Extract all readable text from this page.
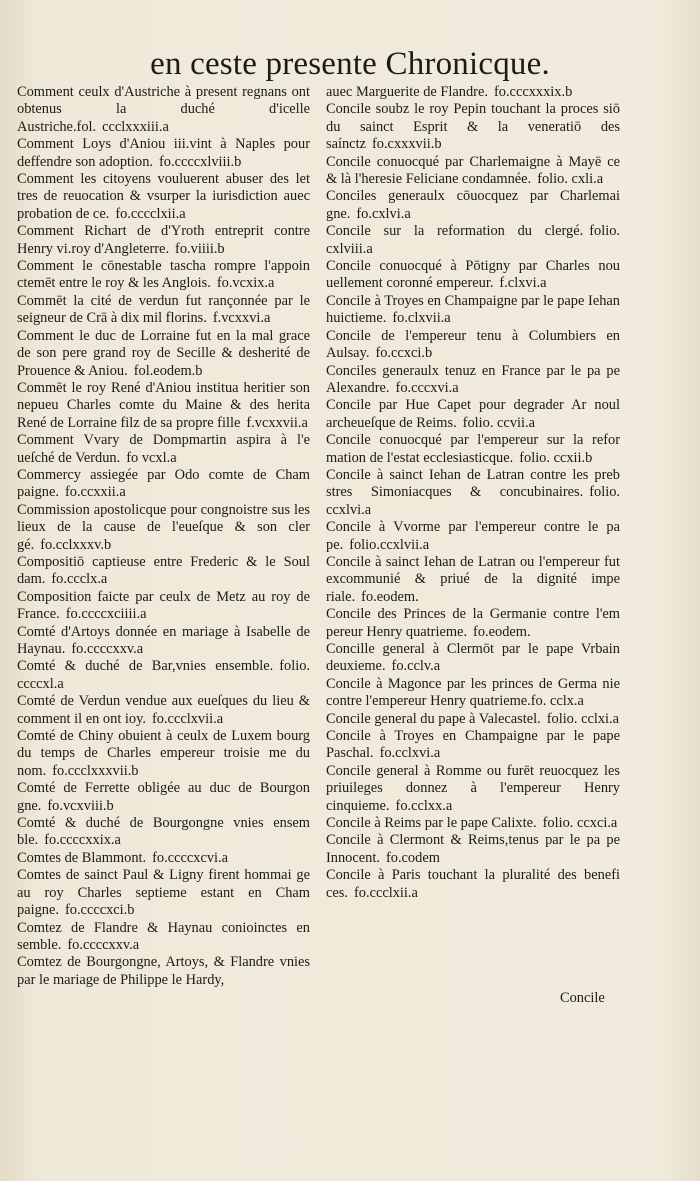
en ceste presente Chronicque.

Comment ceulx d'Austriche à present regnans ont obtenus la duché d'icelle Austriche.fol. ccclxxxiii.a

Comment Loys d'Aniou iii.vint à Naples pour deffendre son adoption. fo.ccccxlviii.b

Comment les citoyens vouluerent abuser des let tres de reuocation & vsurper la iurisdiction auec probation de ce. fo.cccclxii.a

Comment Richart de d'Yroth entreprit contre Henry vi.roy d'Angleterre. fo.viiii.b

Comment le cōnestable tascha rompre l'appoin ctemēt entre le roy & les Anglois. fo.vcxix.a

Commēt la cité de verdun fut rançonnée par le seigneur de Crā à dix mil florins. f.vcxxvi.a

Comment le duc de Lorraine fut en la mal grace de son pere grand roy de Secille & desherité de Prouence & Aniou. fol.eodem.b

Commēt le roy René d'Aniou institua heritier son nepueu Charles comte du Maine & des herita René de Lorraine filz de sa propre fille f.vcxxvii.a

Comment Vvary de Dompmartin aspira à l'e ueſché de Verdun. fo vcxl.a

Commercy assiegée par Odo comte de Cham paigne. fo.ccxxii.a

Commission apostolicque pour congnoistre sus les lieux de la cause de l'eueſque & son cler gé. fo.cclxxxv.b

Compositiō captieuse entre Frederic & le Soul dam. fo.ccclx.a

Composition faicte par ceulx de Metz au roy de France. fo.ccccxciiii.a

Comté d'Artoys donnée en mariage à Isabelle de Haynau. fo.ccccxxv.a

Comté & duché de Bar,vnies ensemble. folio. ccccxl.a

Comté de Verdun vendue aux eueſques du lieu & comment il en ont ioy. fo.ccclxvii.a

Comté de Chiny obuient à ceulx de Luxem bourg du temps de Charles empereur troisie me du nom. fo.ccclxxxvii.b

Comté de Ferrette obligée au duc de Bourgon gne. fo.vcxviii.b

Comté & duché de Bourgongne vnies ensem ble. fo.ccccxxix.a

Comtes de Blammont. fo.ccccxcvi.a

Comtes de sainct Paul & Ligny firent hommai ge au roy Charles septieme estant en Cham paigne. fo.ccccxci.b

Comtez de Flandre & Haynau conioinctes en semble. fo.ccccxxv.a

Comtez de Bourgongne, Artoys, & Flandre vnies par le mariage de Philippe le Hardy,

auec Marguerite de Flandre. fo.cccxxxix.b

Concile soubz le roy Pepin touchant la proces siō du sainct Esprit & la veneratiō des saínctz fo.cxxxvii.b

Concile conuocqué par Charlemaigne à Mayē ce & là l'heresie Feliciane condamnée. folio. cxli.a

Conciles generaulx cōuocquez par Charlemai gne. fo.cxlvi.a

Concile sur la reformation du clergé. folio. cxlviii.a

Concile conuocqué à Pōtigny par Charles nou uellement coronné empereur. f.clxvi.a

Concile à Troyes en Champaigne par le pape Iehan huictieme. fo.clxvii.a

Concile de l'empereur tenu à Columbiers en Aulsay. fo.ccxci.b

Conciles generaulx tenuz en France par le pa pe Alexandre. fo.cccxvi.a

Concile par Hue Capet pour degrader Ar noul archeueſque de Reims. folio. ccvii.a

Concile conuocqué par l'empereur sur la refor mation de l'estat ecclesiasticque. folio. ccxii.b

Concile à sainct Iehan de Latran contre les preb stres Simoniacques & concubinaires. folio. ccxlvi.a

Concile à Vvorme par l'empereur contre le pa pe. folio.ccxlvii.a

Concile à sainct Iehan de Latran ou l'empereur fut excommunié & priué de la dignité impe riale. fo.eodem.

Concile des Princes de la Germanie contre l'em pereur Henry quatrieme. fo.eodem.

Concille general à Clermōt par le pape Vrbain deuxieme. fo.cclv.a

Concile à Magonce par les princes de Germa nie contre l'empereur Henry quatrieme.fo. cclx.a

Concile general du pape à Valecastel. folio. cclxi.a

Concile à Troyes en Champaigne par le pape Paschal. fo.cclxvi.a

Concile general à Romme ou furēt reuocquez les priuileges donnez à l'empereur Henry cinquieme. fo.cclxx.a

Concile à Reims par le pape Calixte. folio. ccxci.a

Concile à Clermont & Reims,tenus par le pa pe Innocent. fo.codem

Concile à Paris touchant la pluralité des benefi ces. fo.ccclxii.a

Concile
